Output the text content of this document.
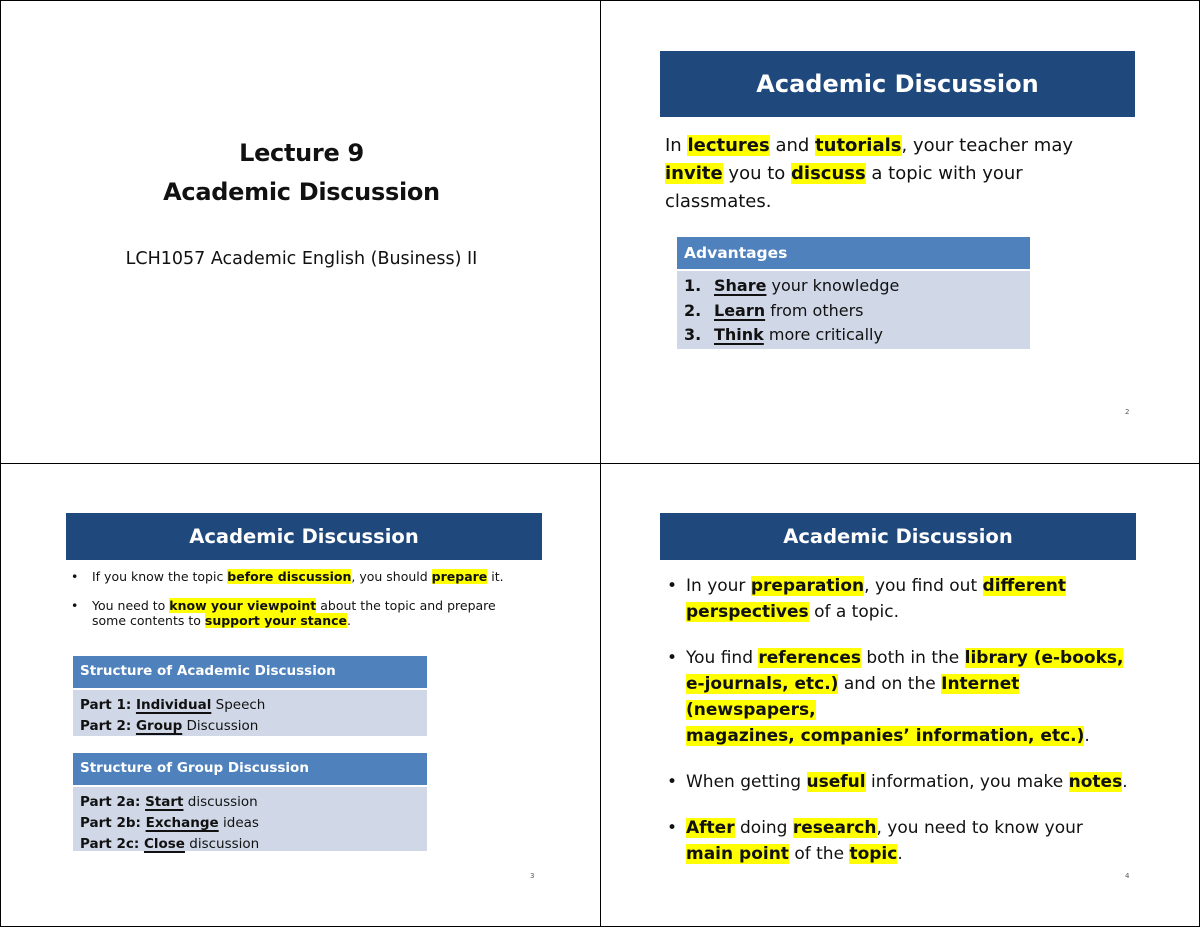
Lecture 9
Academic Discussion
LCH1057 Academic English (Business) II
Academic Discussion
In lectures and tutorials, your teacher may
invite you to discuss a topic with your
classmates.
Advantages
1. Share your knowledge
2. Learn from others
3. Think more critically
2
Academic Discussion
• If you know the topic before discussion, you should prepare it.
• You need to know your viewpoint about the topic and prepare
some contents to support your stance.
Structure of Academic Discussion
Part 1: Individual Speech
Part 2: Group Discussion
Structure of Group Discussion
Part 2a: Start discussion
Part 2b: Exchange ideas
Part 2c: Close discussion
3
Academic Discussion
• In your preparation, you find out different
perspectives of a topic.
• You find references both in the library (e-books,
e-journals, etc.) and on the Internet (newspapers,
magazines, companies’ information, etc.).
• When getting useful information, you make notes.
• After doing research, you need to know your
main point of the topic.
4
